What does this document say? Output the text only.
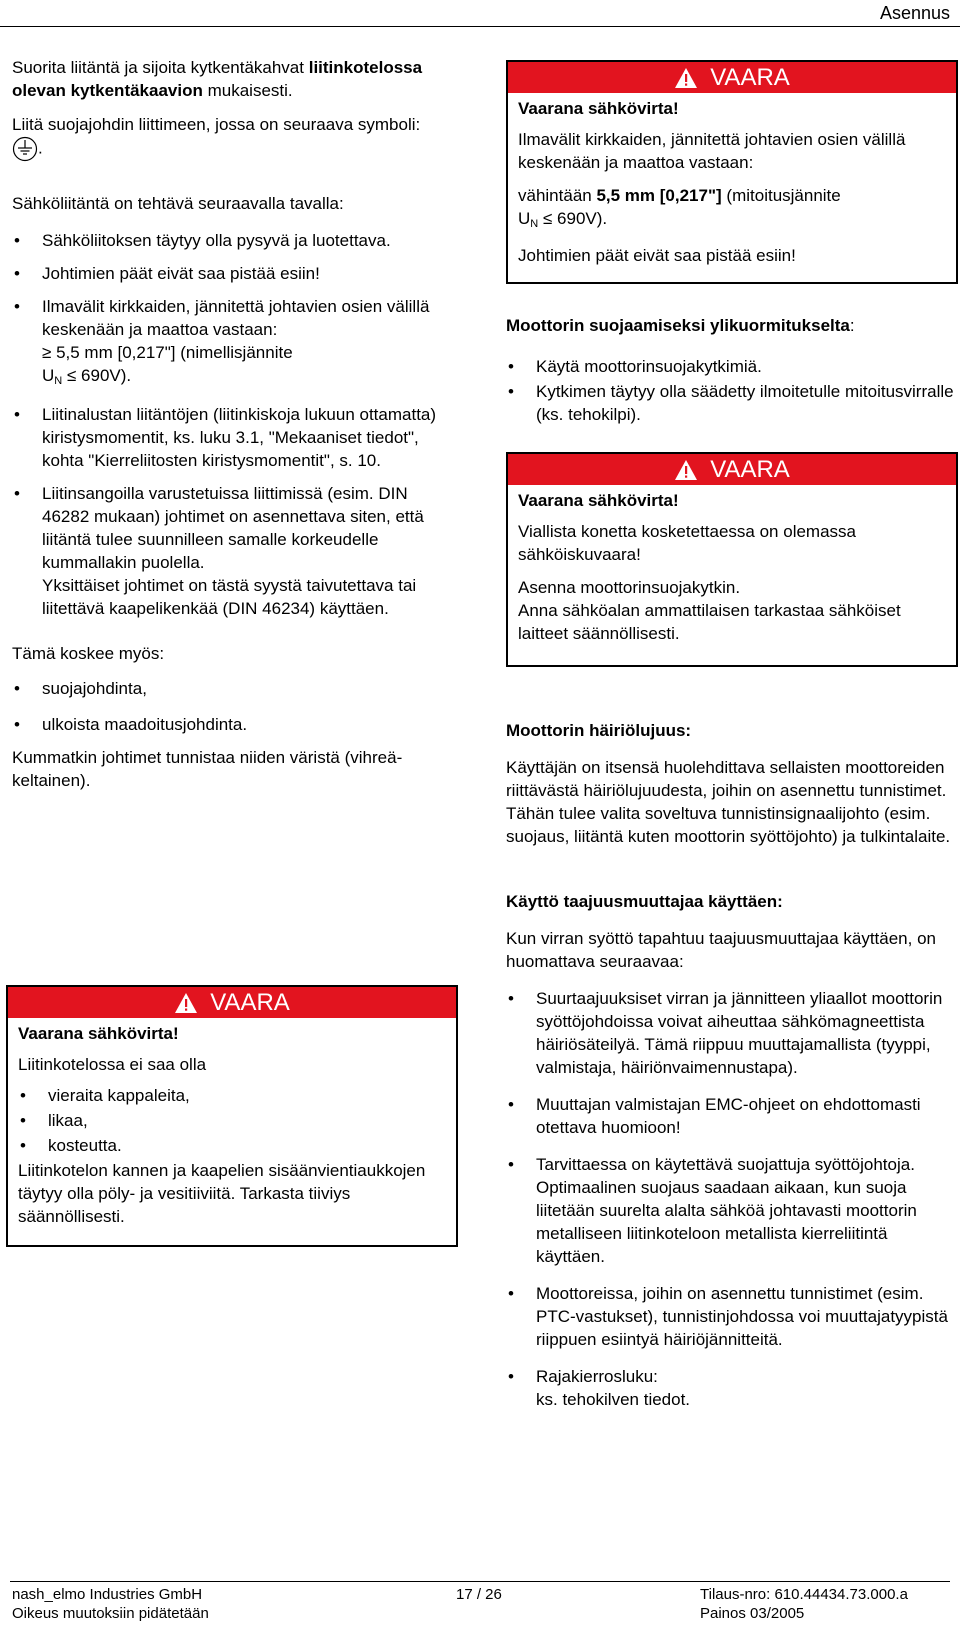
Asennus

Suorita liitäntä ja sijoita kytkentäkahvat liitinkotelossa olevan kytkentäkaavion mukaisesti.

Liitä suojajohdin liittimeen, jossa on seuraava symboli:
.

Sähköliitäntä on tehtävä seuraavalla tavalla:

• Sähköliitoksen täytyy olla pysyvä ja luotettava.
• Johtimien päät eivät saa pistää esiin!
• Ilmavälit kirkkaiden, jännitettä johtavien osien välillä keskenään ja maattoa vastaan:
≥ 5,5 mm [0,217"] (nimellisjännite
$U_N \le 690V$).
• Liitinalustan liitäntöjen (liitinkiskoja lukuun ottamatta) kiristysmomentit, ks. luku 3.1, "Mekaaniset tiedot", kohta "Kierreliitosten kiristysmomentit", s. 10.
• Liitinsangoilla varustetuissa liittimissä (esim. DIN 46282 mukaan) johtimet on asennettava siten, että liitäntä tulee suunnilleen samalle korkeudelle kummallakin puolella.
Yksittäiset johtimet on tästä syystä taivutettava tai liitettävä kaapelikenkää (DIN 46234) käyttäen.

Tämä koskee myös:

• suojajohdinta,
• ulkoista maadoitusjohdinta.

Kummatkin johtimet tunnistaa niiden väristä (vihreä-keltainen).

VAARA

Vaarana sähkövirta!

Liitinkotelossa ei saa olla

• vieraita kappaleita,
• likaa,
• kosteutta.

Liitinkotelon kannen ja kaapelien sisäänvientiaukkojen täytyy olla pöly- ja vesitiiviitä. Tarkasta tiiviys säännöllisesti.

VAARA

Vaarana sähkövirta!

Ilmavälit kirkkaiden, jännitettä johtavien osien välillä keskenään ja maattoa vastaan:

vähintään 5,5 mm [0,217"] (mitoitusjännite
$U_N \le 690V$).

Johtimien päät eivät saa pistää esiin!

Moottorin suojaamiseksi ylikuormitukselta:

• Käytä moottorinsuojakytkimiä.
• Kytkimen täytyy olla säädetty ilmoitetulle mitoitusvirralle (ks. tehokilpi).
VAARA

Vaarana sähkövirta!

Viallista konetta kosketettaessa on olemassa sähköiskuvaara!

Asenna moottorinsuojakytkin.
Anna sähköalan ammattilaisen tarkastaa sähköiset laitteet säännöllisesti.

Moottorin häiriölujuus:

Käyttäjän on itsensä huolehdittava sellaisten moottoreiden riittävästä häiriölujuudesta, joihin on asennettu tunnistimet. Tähän tulee valita soveltuva tunnistinsignaalijohto (esim. suojaus, liitäntä kuten moottorin syöttöjohto) ja tulkintalaite.

Käyttö taajuusmuuttajaa käyttäen:

Kun virran syöttö tapahtuu taajuusmuuttajaa käyttäen, on huomattava seuraavaa:

• Suurtaajuuksiset virran ja jännitteen yliaallot moottorin syöttöjohdoissa voivat aiheuttaa sähkömagneettista häiriösäteilyä. Tämä riippuu muuttajamallista (tyyppi, valmistaja, häiriönvaimennustapa).
• Muuttajan valmistajan EMC-ohjeet on ehdottomasti otettava huomioon!
• Tarvittaessa on käytettävä suojattuja syöttöjohtoja. Optimaalinen suojaus saadaan aikaan, kun suoja liitetään suurelta alalta sähköä johtavasti moottorin metalliseen liitinkoteloon metallista kierreliitintä käyttäen.
• Moottoreissa, joihin on asennettu tunnistimet (esim. PTC-vastukset), tunnistinjohdossa voi muuttajatyypistä riippuen esiintyä häiriöjännitteitä.
• Rajakierrosluku:
ks. tehokilven tiedot.
nash_elmo Industries GmbH
Oikeus muutoksiin pidätetään
17 / 26	Tilaus-nro: 610.44434.73.000.a
Painos 03/2005
